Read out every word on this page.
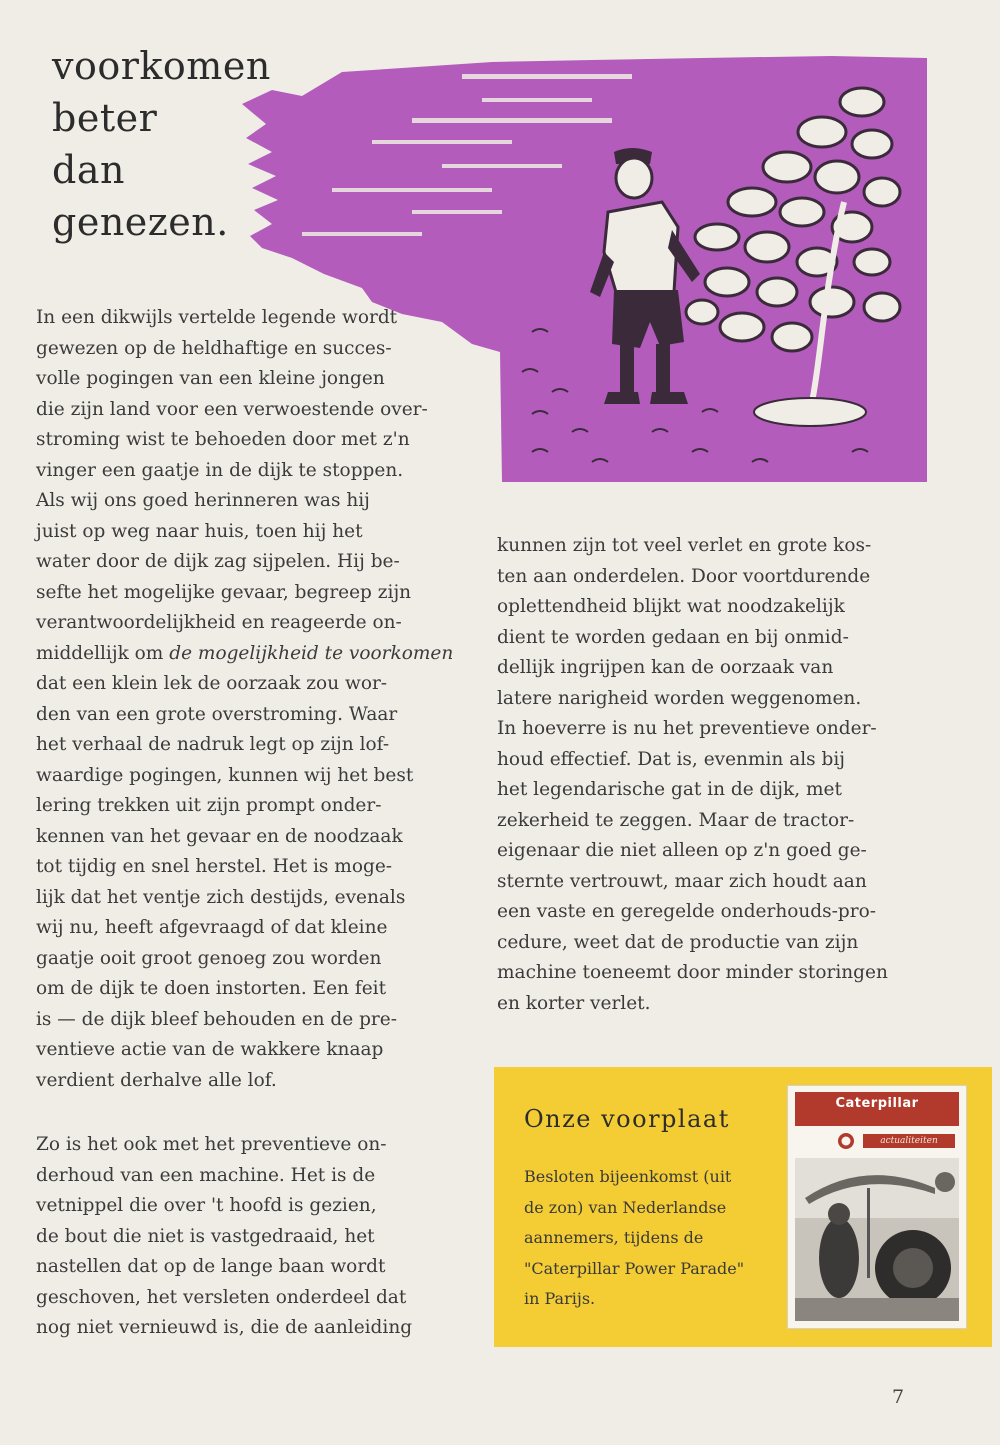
voorkomen
beter
dan
genezen.

In een dikwijls vertelde legende wordt

gewezen op de heldhaftige en succes-

volle pogingen van een kleine jongen

die zijn land voor een verwoestende over-

stroming wist te behoeden door met z'n

vinger een gaatje in de dijk te stoppen.

Als wij ons goed herinneren was hij

juist op weg naar huis, toen hij het

water door de dijk zag sijpelen. Hij be-

sefte het mogelijke gevaar, begreep zijn

verantwoordelijkheid en reageerde on-

middellijk om de mogelijkheid te voorkomen

dat een klein lek de oorzaak zou wor-

den van een grote overstroming. Waar

het verhaal de nadruk legt op zijn lof-

waardige pogingen, kunnen wij het best

lering trekken uit zijn prompt onder-

kennen van het gevaar en de noodzaak

tot tijdig en snel herstel. Het is moge-

lijk dat het ventje zich destijds, evenals

wij nu, heeft afgevraagd of dat kleine

gaatje ooit groot genoeg zou worden

om de dijk te doen instorten. Een feit

is — de dijk bleef behouden en de pre-

ventieve actie van de wakkere knaap

verdient derhalve alle lof.

Zo is het ook met het preventieve on-

derhoud van een machine. Het is de

vetnippel die over 't hoofd is gezien,

de bout die niet is vastgedraaid, het

nastellen dat op de lange baan wordt

geschoven, het versleten onderdeel dat

nog niet vernieuwd is, die de aanleiding

kunnen zijn tot veel verlet en grote kos-

ten aan onderdelen. Door voortdurende

oplettendheid blijkt wat noodzakelijk

dient te worden gedaan en bij onmid-

dellijk ingrijpen kan de oorzaak van

latere narigheid worden weggenomen.

In hoeverre is nu het preventieve onder-

houd effectief. Dat is, evenmin als bij

het legendarische gat in de dijk, met

zekerheid te zeggen. Maar de tractor-

eigenaar die niet alleen op z'n goed ge-

sternte vertrouwt, maar zich houdt aan

een vaste en geregelde onderhouds-pro-

cedure, weet dat de productie van zijn

machine toeneemt door minder storingen

en korter verlet.

Onze voorplaat
Besloten bijeenkomst (uit
de zon) van Nederlandse
aannemers, tijdens de
"Caterpillar Power Parade"
in Parijs.
Caterpillar
actualiteiten
7
